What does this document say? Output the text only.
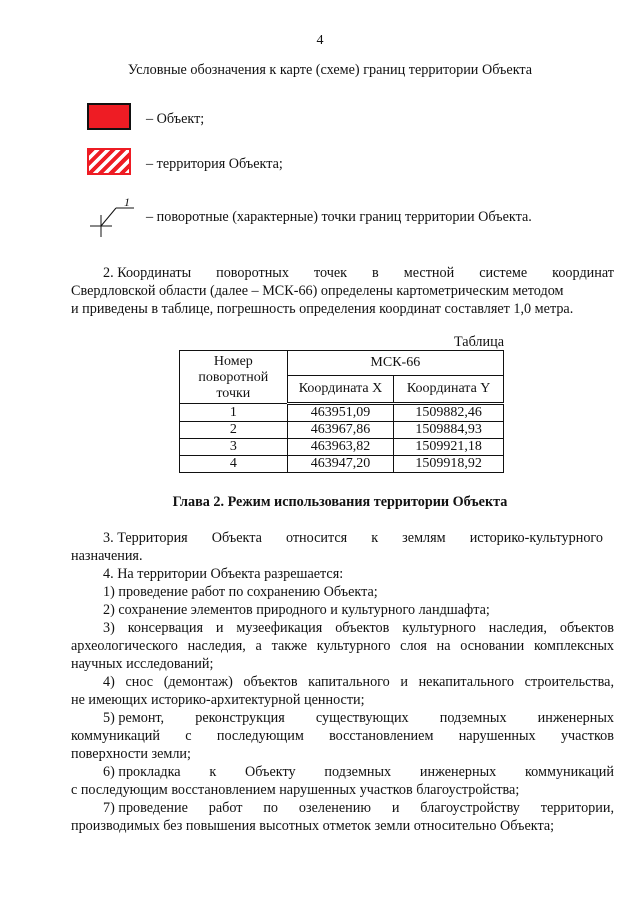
4
Условные обозначения к карте (схеме) границ территории Объекта
– Объект;
– территория Объекта;
1
– поворотные (характерные) точки границ территории Объекта.
2. Координаты поворотных точек в местной системе координат
Свердловской области (далее – МСК-66) определены картометрическим методом
и приведены в таблице, погрешность определения координат составляет 1,0 метра.
Таблица
Номер
поворотной
точки	МСК-66	
	Координата X	Координата Y
1	463951,09	1509882,46
2	463967,86	1509884,93
3	463963,82	1509921,18
4	463947,20	1509918,92
Глава 2. Режим использования территории Объекта
3. Территория Объекта относится к землям историко-культурного
назначения.
4. На территории Объекта разрешается:
1) проведение работ по сохранению Объекта;
2) сохранение элементов природного и культурного ландшафта;
3) консервация и музеефикация объектов культурного наследия, объектов
археологического наследия, а также культурного слоя на основании комплексных
научных исследований;
4) снос (демонтаж) объектов капитального и некапитального строительства,
не имеющих историко-архитектурной ценности;
5) ремонт, реконструкция существующих подземных инженерных
коммуникаций с последующим восстановлением нарушенных участков
поверхности земли;
6) прокладка к Объекту подземных инженерных коммуникаций
с последующим восстановлением нарушенных участков благоустройства;
7) проведение работ по озеленению и благоустройству территории,
производимых без повышения высотных отметок земли относительно Объекта;
